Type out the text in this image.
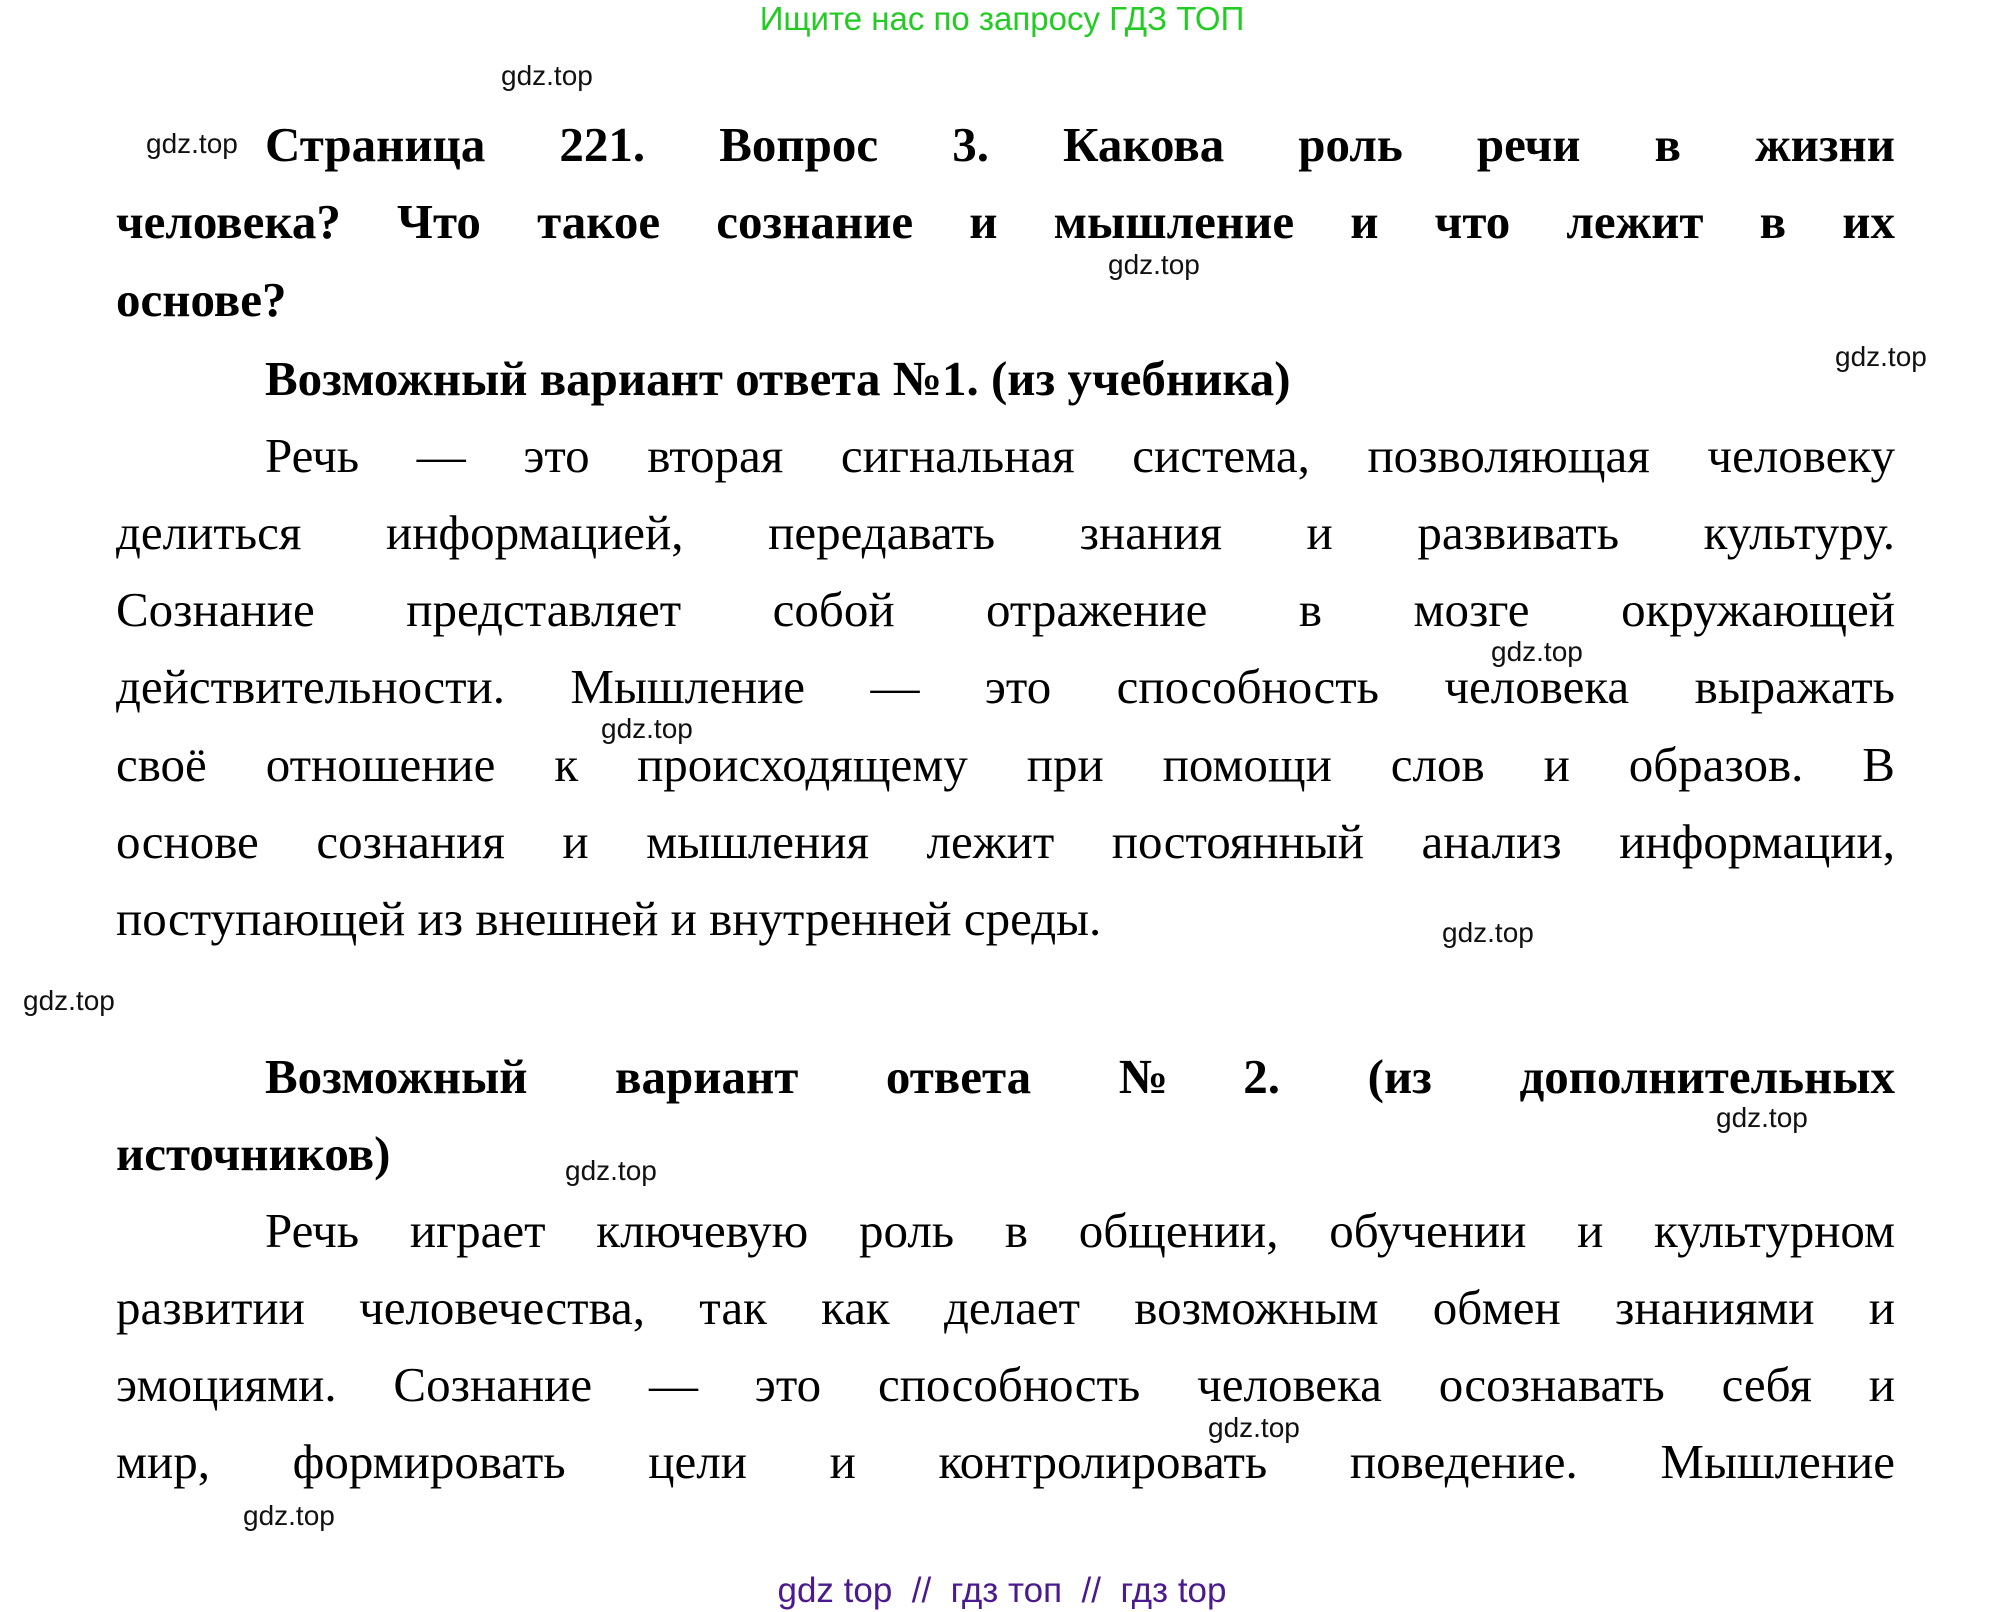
Ищите нас по запросу ГДЗ ТОП
Страница 221. Вопрос 3. Какова роль речи в жизни
человека? Что такое сознание и мышление и что лежит в их
основе?
Возможный вариант ответа №1. (из учебника)
Речь — это вторая сигнальная система, позволяющая человеку
делиться информацией, передавать знания и развивать культуру.
Сознание представляет собой отражение в мозге окружающей
действительности. Мышление — это способность человека выражать
своё отношение к происходящему при помощи слов и образов. В
основе сознания и мышления лежит постоянный анализ информации,
поступающей из внешней и внутренней среды.
Возможный вариант ответа №2. (из дополнительных
источников)
Речь играет ключевую роль в общении, обучении и культурном
развитии человечества, так как делает возможным обмен знаниями и
эмоциями. Сознание — это способность человека осознавать себя и
мир, формировать цели и контролировать поведение. Мышление
gdz.top
gdz.top
gdz.top
gdz.top
gdz.top
gdz.top
gdz.top
gdz.top
gdz.top
gdz.top
gdz.top
gdz.top
gdz top  //  гдз топ  //  гдз top
